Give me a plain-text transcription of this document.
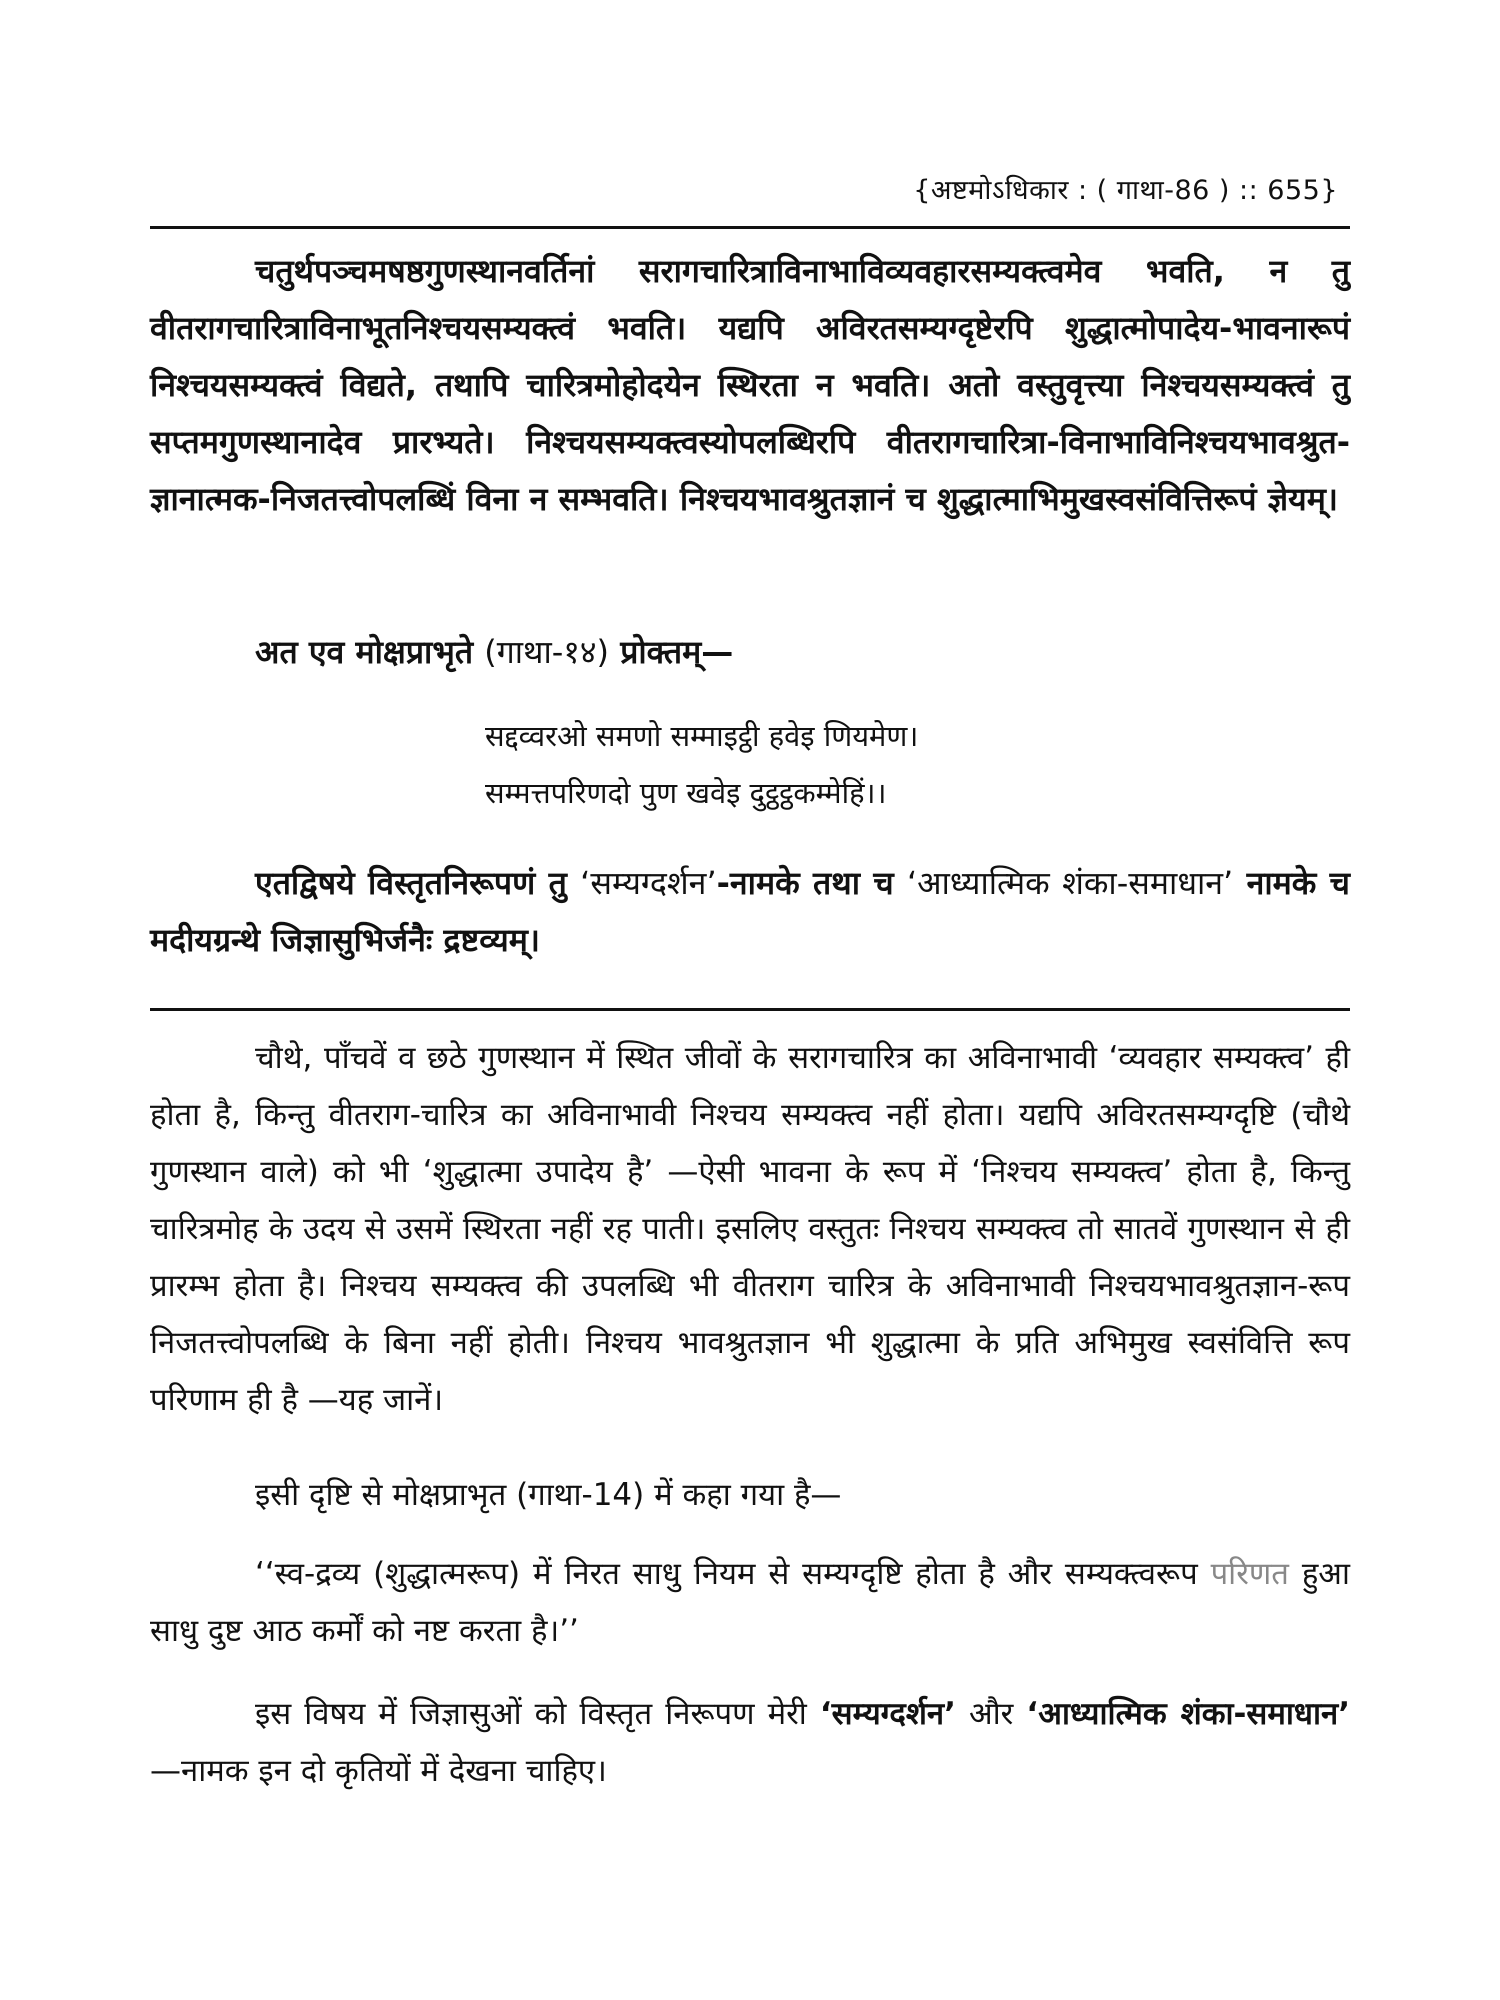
{अष्टमोऽधिकार : ( गाथा-86 ) :: 655}

चतुर्थपञ्चमषष्ठगुणस्थानवर्तिनां सरागचारित्राविनाभाविव्यवहारसम्यक्त्वमेव भवति, न तु वीतरागचारित्राविनाभूतनिश्चयसम्यक्त्वं भवति। यद्यपि अविरतसम्यग्दृष्टेरपि शुद्धात्मोपादेय-भावनारूपं निश्चयसम्यक्त्वं विद्यते, तथापि चारित्रमोहोदयेन स्थिरता न भवति। अतो वस्तुवृत्त्या निश्चयसम्यक्त्वं तु सप्तमगुणस्थानादेव प्रारभ्यते। निश्चयसम्यक्त्वस्योपलब्धिरपि वीतरागचारित्रा-विनाभाविनिश्चयभावश्रुत-ज्ञानात्मक-निजतत्त्वोपलब्धिं विना न सम्भवति। निश्चयभावश्रुतज्ञानं च शुद्धात्माभिमुखस्वसंवित्तिरूपं ज्ञेयम्।

अत एव मोक्षप्राभृते (गाथा-१४) प्रोक्तम्—

सद्दव्वरओ समणो सम्माइट्ठी हवेइ णियमेण।
सम्मत्तपरिणदो पुण खवेइ दुट्ठट्ठकम्मेहिं।।

एतद्विषये विस्तृतनिरूपणं तु ‘सम्यग्दर्शन’-नामके तथा च ‘आध्यात्मिक शंका-समाधान’ नामके च मदीयग्रन्थे जिज्ञासुभिर्जनैः द्रष्टव्यम्।

चौथे, पाँचवें व छठे गुणस्थान में स्थित जीवों के सरागचारित्र का अविनाभावी ‘व्यवहार सम्यक्त्व’ ही होता है, किन्तु वीतराग-चारित्र का अविनाभावी निश्चय सम्यक्त्व नहीं होता। यद्यपि अविरतसम्यग्दृष्टि (चौथे गुणस्थान वाले) को भी ‘शुद्धात्मा उपादेय है’ —ऐसी भावना के रूप में ‘निश्चय सम्यक्त्व’ होता है, किन्तु चारित्रमोह के उदय से उसमें स्थिरता नहीं रह पाती। इसलिए वस्तुतः निश्चय सम्यक्त्व तो सातवें गुणस्थान से ही प्रारम्भ होता है। निश्चय सम्यक्त्व की उपलब्धि भी वीतराग चारित्र के अविनाभावी निश्चयभावश्रुतज्ञान-रूप निजतत्त्वोपलब्धि के बिना नहीं होती। निश्चय भावश्रुतज्ञान भी शुद्धात्मा के प्रति अभिमुख स्वसंवित्ति रूप परिणाम ही है —यह जानें।

इसी दृष्टि से मोक्षप्राभृत (गाथा-14) में कहा गया है—

‘‘स्व-द्रव्य (शुद्धात्मरूप) में निरत साधु नियम से सम्यग्दृष्टि होता है और सम्यक्त्वरूप परिणत हुआ साधु दुष्ट आठ कर्मों को नष्ट करता है।’’

इस विषय में जिज्ञासुओं को विस्तृत निरूपण मेरी ‘सम्यग्दर्शन’ और ‘आध्यात्मिक शंका-समाधान’ —नामक इन दो कृतियों में देखना चाहिए।
